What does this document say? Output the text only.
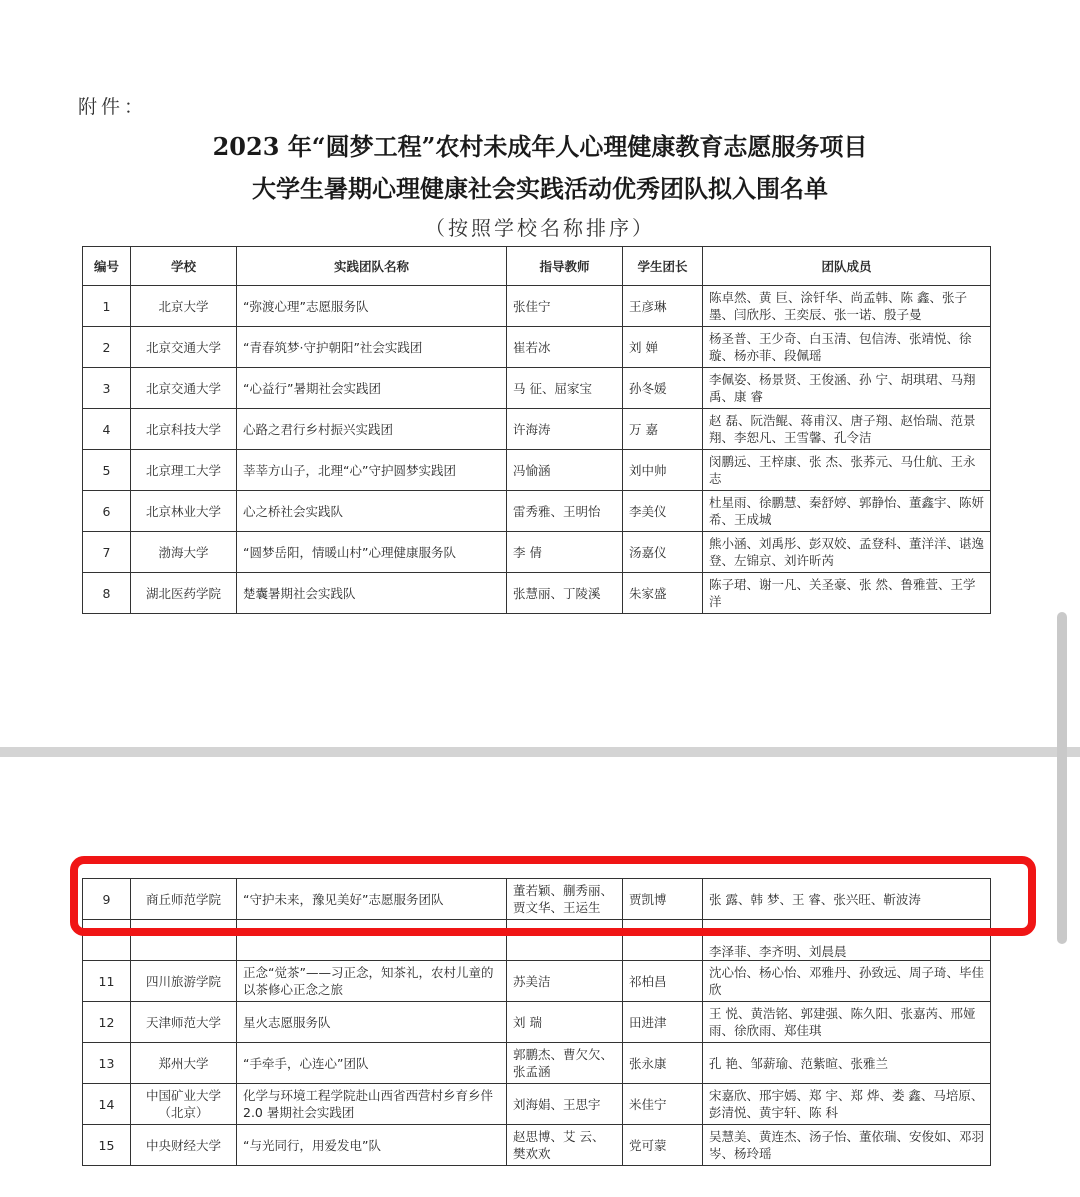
附件：
2023 年“圆梦工程”农村未成年人心理健康教育志愿服务项目
大学生暑期心理健康社会实践活动优秀团队拟入围名单
（按照学校名称排序）
编号	学校	实践团队名称	指导教师	学生团长	团队成员
1	北京大学	“弥渡心理”志愿服务队	张佳宁	王彦琳	陈卓然、黄 巨、涂钎华、尚孟韩、陈 鑫、张子墨、闫欣彤、王奕辰、张一诺、殷子曼
2	北京交通大学	“青春筑梦·守护朝阳”社会实践团	崔若冰	刘 婵	杨圣普、王少奇、白玉清、包信涛、张靖悦、徐 璇、杨亦菲、段佩瑶
3	北京交通大学	“心益行”暑期社会实践团	马 征、屈家宝	孙冬媛	李佩姿、杨景贤、王俊涵、孙 宁、胡琪珺、马翔禹、康 睿
4	北京科技大学	心路之君行乡村振兴实践团	许海涛	万 嘉	赵 磊、阮浩鲲、蒋甫汉、唐子翔、赵怡瑞、范景翔、李恕凡、王雪馨、孔令洁
5	北京理工大学	莘莘方山子，北理“心”守护圆梦实践团	冯愉涵	刘中帅	闵鹏远、王梓康、张 杰、张荞元、马仕航、王永志
6	北京林业大学	心之桥社会实践队	雷秀雅、王明怡	李美仪	杜星雨、徐鹏慧、秦舒婷、郭静怡、董鑫宇、陈妍希、王成城
7	渤海大学	“圆梦岳阳，情暖山村”心理健康服务队	李 倩	汤嘉仪	熊小涵、刘禹彤、彭双姣、孟登科、董洋洋、谌逸登、左锦京、刘许昕芮
8	湖北医药学院	楚囊暑期社会实践队	张慧丽、丁陵溪	朱家盛	陈子珺、谢一凡、关圣豪、张 然、鲁雅萱、王学洋
9	商丘师范学院	“守护未来，豫见美好”志愿服务团队	董若颖、蒯秀丽、贾文华、王运生	贾凯博	张 露、韩 梦、王 睿、张兴旺、靳波涛
					李泽菲、李齐明、刘晨晨
11	四川旅游学院	正念“觉茶”——习正念，知茶礼，农村儿童的以茶修心正念之旅	苏美洁	祁柏昌	沈心怡、杨心怡、邓雅丹、孙致远、周子琦、毕佳欣
12	天津师范大学	星火志愿服务队	刘 瑞	田进津	王 悦、黄浩铭、郭建强、陈久阳、张嘉芮、邢娅雨、徐欣雨、郑佳琪
13	郑州大学	“手牵手，心连心”团队	郭鹏杰、曹欠欠、张孟涵	张永康	孔 艳、邹薪瑜、范紫暄、张雅兰
14	中国矿业大学（北京）	化学与环境工程学院赴山西省西营村乡育乡伴 2.0 暑期社会实践团	刘海娟、王思宇	米佳宁	宋嘉欣、邢宇嫣、郑 宇、郑 烨、娄 鑫、马培原、彭清悦、黄宇轩、陈 科
15	中央财经大学	“与光同行，用爱发电”队	赵思博、艾 云、樊欢欢	党可蒙	吴慧美、黄连杰、汤子怡、董依瑞、安俊如、邓羽岑、杨玲瑶
